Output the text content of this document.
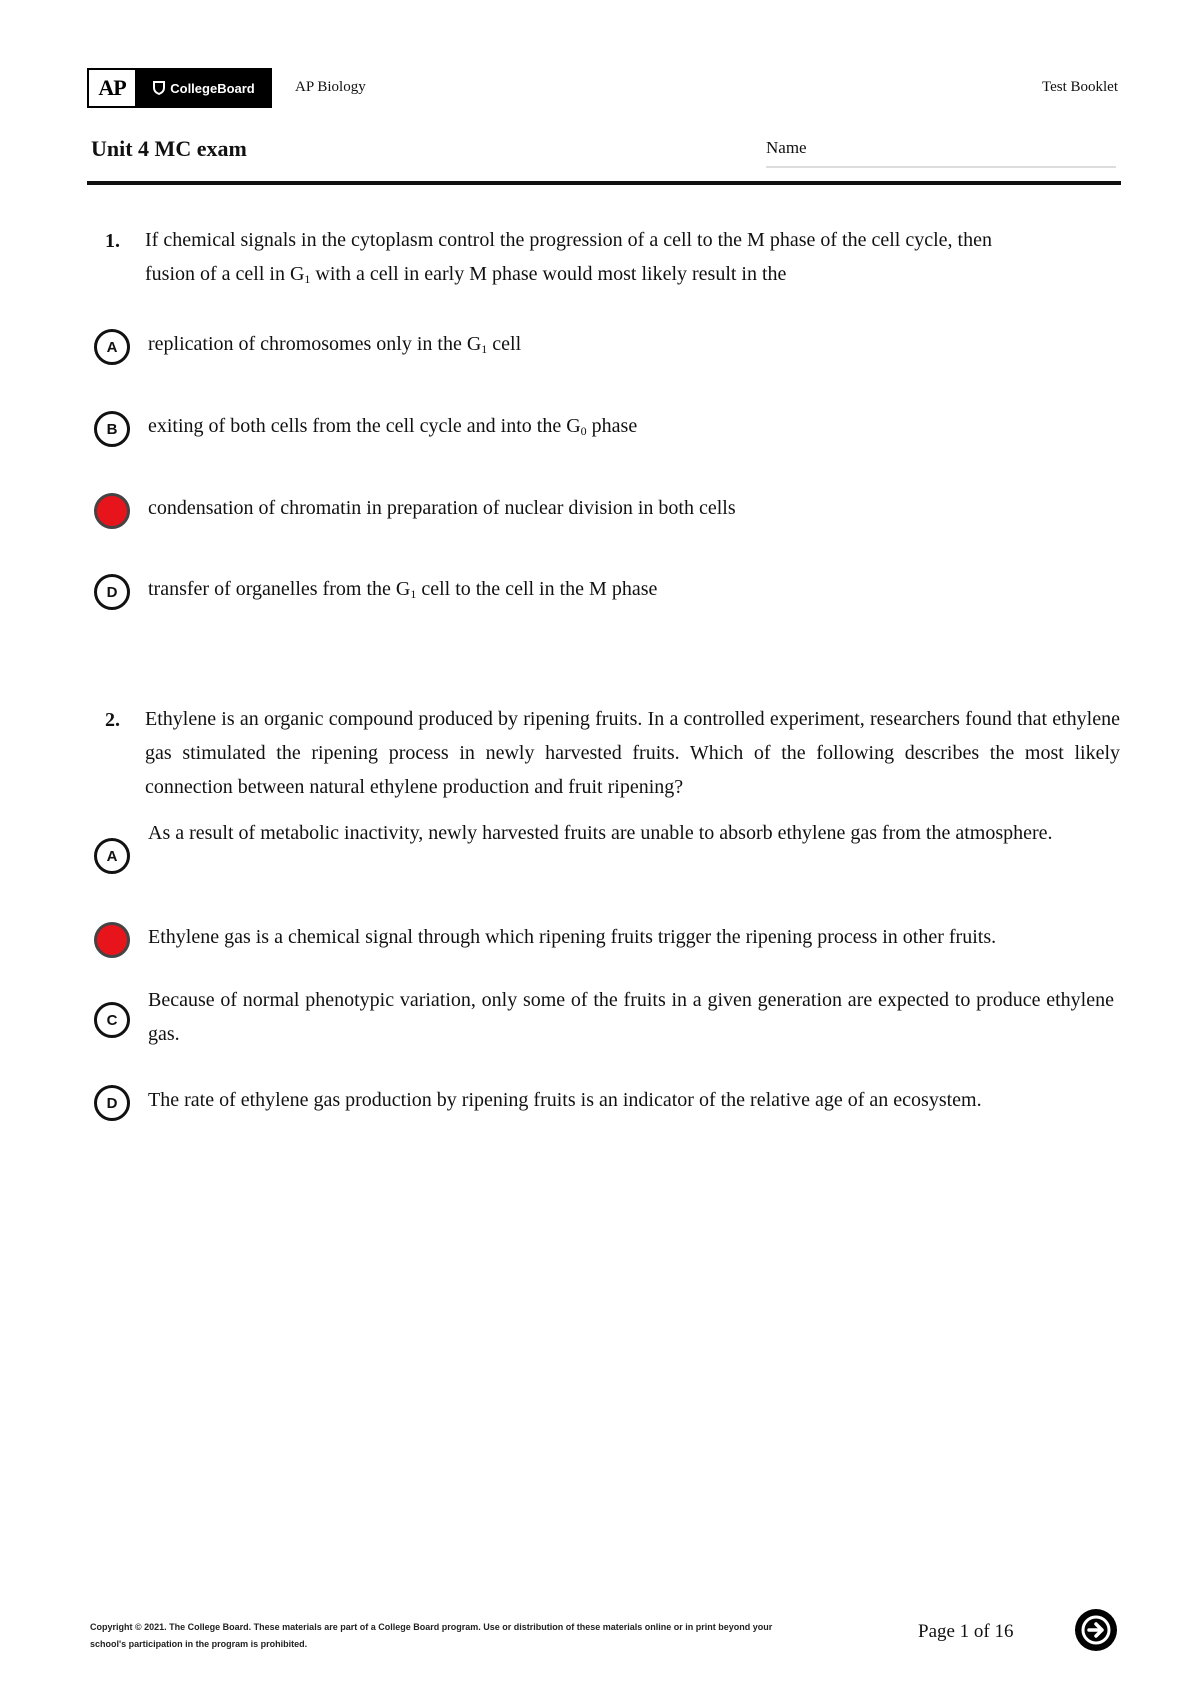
AP	CollegeBoard	AP Biology	Test Booklet
Unit 4 MC exam	Name
1. If chemical signals in the cytoplasm control the progression of a cell to the M phase of the cell cycle, then
fusion of a cell in $G_1$ with a cell in early M phase would most likely result in the
A	replication of chromosomes only in the $G_1$ cell
B	exiting of both cells from the cell cycle and into the $G_0$ phase
condensation of chromatin in preparation of nuclear division in both cells
D	transfer of organelles from the $G_1$ cell to the cell in the M phase
2. Ethylene is an organic compound produced by ripening fruits. In a controlled experiment, researchers found that ethylene gas stimulated the ripening process in newly harvested fruits. Which of the following describes the most likely connection between natural ethylene production and fruit ripening?
A
As a result of metabolic inactivity, newly harvested fruits are unable to absorb ethylene gas from the atmosphere.
Ethylene gas is a chemical signal through which ripening fruits trigger the ripening process in other fruits.
C
Because of normal phenotypic variation, only some of the fruits in a given generation are expected to produce ethylene gas.
D	The rate of ethylene gas production by ripening fruits is an indicator of the relative age of an ecosystem.
Copyright © 2021. The College Board. These materials are part of a College Board program. Use or distribution of these materials online or in print beyond your school's participation in the program is prohibited.
Page 1 of 16
